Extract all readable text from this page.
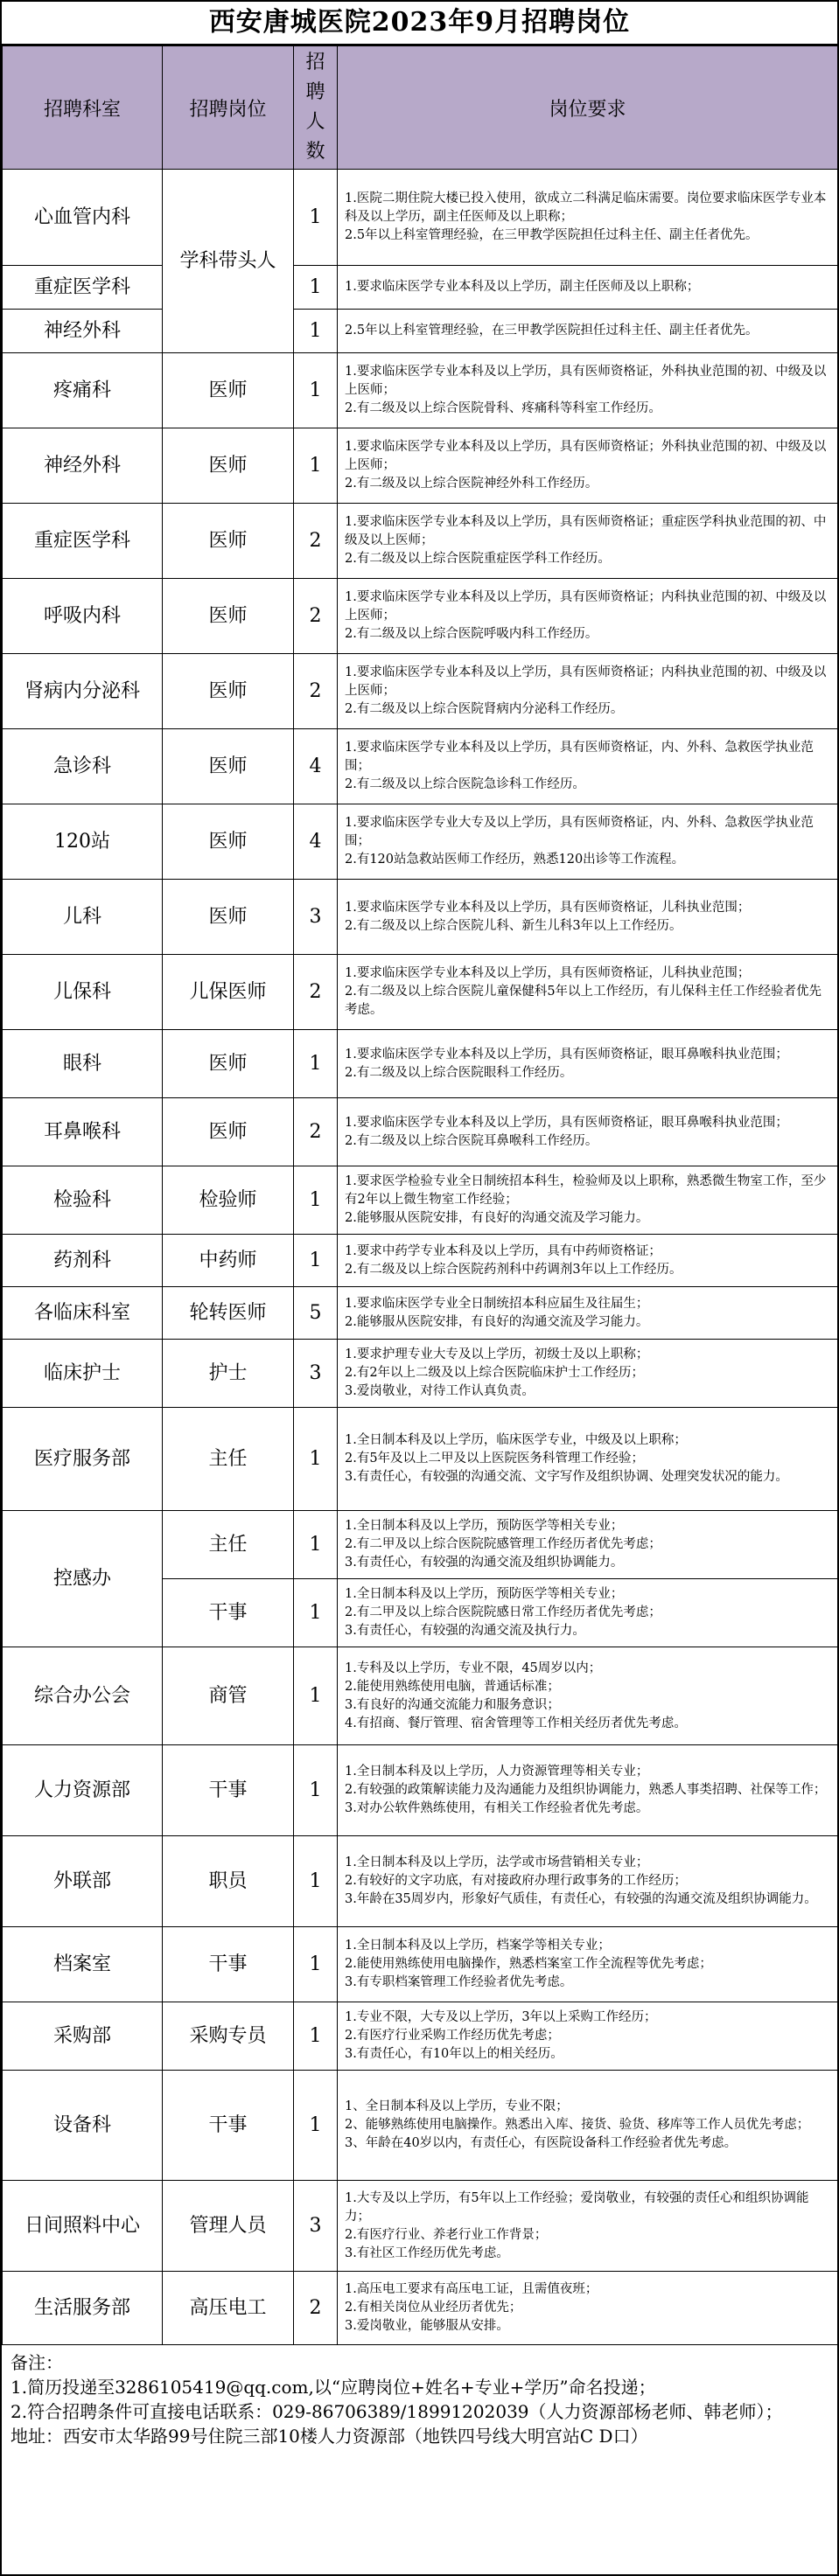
西安唐城医院2023年9月招聘岗位
招聘科室	招聘岗位	招聘人数	岗位要求
心血管内科	学科带头人	1	1.医院二期住院大楼已投入使用，欲成立二科满足临床需要。岗位要求临床医学专业本科及以上学历，副主任医师及以上职称；
2.5年以上科室管理经验，在三甲教学医院担任过科主任、副主任者优先。

重症医学科		1	1.要求临床医学专业本科及以上学历，副主任医师及以上职称；

神经外科		1	2.5年以上科室管理经验，在三甲教学医院担任过科主任、副主任者优先。

疼痛科	医师	1	1.要求临床医学专业本科及以上学历，具有医师资格证，外科执业范围的初、中级及以上医师；
2.有二级及以上综合医院骨科、疼痛科等科室工作经历。

神经外科	医师	1	1.要求临床医学专业本科及以上学历，具有医师资格证；外科执业范围的初、中级及以上医师；
2.有二级及以上综合医院神经外科工作经历。

重症医学科	医师	2	1.要求临床医学专业本科及以上学历，具有医师资格证；重症医学科执业范围的初、中级及以上医师；
2.有二级及以上综合医院重症医学科工作经历。

呼吸内科	医师	2	1.要求临床医学专业本科及以上学历，具有医师资格证；内科执业范围的初、中级及以上医师；
2.有二级及以上综合医院呼吸内科工作经历。

肾病内分泌科	医师	2	1.要求临床医学专业本科及以上学历，具有医师资格证；内科执业范围的初、中级及以上医师；
2.有二级及以上综合医院肾病内分泌科工作经历。

急诊科	医师	4	1.要求临床医学专业本科及以上学历，具有医师资格证，内、外科、急救医学执业范围；
2.有二级及以上综合医院急诊科工作经历。

120站	医师	4	1.要求临床医学专业大专及以上学历，具有医师资格证，内、外科、急救医学执业范围；
2.有120站急救站医师工作经历，熟悉120出诊等工作流程。

儿科	医师	3	1.要求临床医学专业本科及以上学历，具有医师资格证，儿科执业范围；
2.有二级及以上综合医院儿科、新生儿科3年以上工作经历。

儿保科	儿保医师	2	1.要求临床医学专业本科及以上学历，具有医师资格证，儿科执业范围；
2.有二级及以上综合医院儿童保健科5年以上工作经历，有儿保科主任工作经验者优先考虑。

眼科	医师	1	1.要求临床医学专业本科及以上学历，具有医师资格证，眼耳鼻喉科执业范围；
2.有二级及以上综合医院眼科工作经历。

耳鼻喉科	医师	2	1.要求临床医学专业本科及以上学历，具有医师资格证，眼耳鼻喉科执业范围；
2.有二级及以上综合医院耳鼻喉科工作经历。

检验科	检验师	1	1.要求医学检验专业全日制统招本科生，检验师及以上职称，熟悉微生物室工作，至少有2年以上微生物室工作经验；
2.能够服从医院安排，有良好的沟通交流及学习能力。

药剂科	中药师	1	1.要求中药学专业本科及以上学历，具有中药师资格证；
2.有二级及以上综合医院药剂科中药调剂3年以上工作经历。

各临床科室	轮转医师	5	1.要求临床医学专业全日制统招本科应届生及往届生；
2.能够服从医院安排，有良好的沟通交流及学习能力。

临床护士	护士	3	1.要求护理专业大专及以上学历，初级士及以上职称；
2.有2年以上二级及以上综合医院临床护士工作经历；
3.爱岗敬业，对待工作认真负责。

医疗服务部	主任	1	1.全日制本科及以上学历，临床医学专业，中级及以上职称；
2.有5年及以上二甲及以上医院医务科管理工作经验；
3.有责任心，有较强的沟通交流、文字写作及组织协调、处理突发状况的能力。

控感办	主任	1	1.全日制本科及以上学历，预防医学等相关专业；
2.有二甲及以上综合医院院感管理工作经历者优先考虑；
3.有责任心，有较强的沟通交流及组织协调能力。

	干事	1	1.全日制本科及以上学历，预防医学等相关专业；
2.有二甲及以上综合医院院感日常工作经历者优先考虑；
3.有责任心，有较强的沟通交流及执行力。

综合办公会	商管	1	1.专科及以上学历，专业不限，45周岁以内；
2.能使用熟练使用电脑，普通话标准；
3.有良好的沟通交流能力和服务意识；
4.有招商、餐厅管理、宿舍管理等工作相关经历者优先考虑。

人力资源部	干事	1	1.全日制本科及以上学历，人力资源管理等相关专业；
2.有较强的政策解读能力及沟通能力及组织协调能力，熟悉人事类招聘、社保等工作；
3.对办公软件熟练使用，有相关工作经验者优先考虑。

外联部	职员	1	1.全日制本科及以上学历，法学或市场营销相关专业；
2.有较好的文字功底，有对接政府办理行政事务的工作经历；
3.年龄在35周岁内，形象好气质佳，有责任心，有较强的沟通交流及组织协调能力。

档案室	干事	1	1.全日制本科及以上学历，档案学等相关专业；
2.能使用熟练使用电脑操作，熟悉档案室工作全流程等优先考虑；
3.有专职档案管理工作经验者优先考虑。

采购部	采购专员	1	1.专业不限，大专及以上学历，3年以上采购工作经历；
2.有医疗行业采购工作经历优先考虑；
3.有责任心，有10年以上的相关经历。

设备科	干事	1	1、全日制本科及以上学历，专业不限；
2、能够熟练使用电脑操作。熟悉出入库、接货、验货、移库等工作人员优先考虑；
3、年龄在40岁以内，有责任心，有医院设备科工作经验者优先考虑。

日间照料中心	管理人员	3	1.大专及以上学历，有5年以上工作经验；爱岗敬业，有较强的责任心和组织协调能力；
2.有医疗行业、养老行业工作背景；
3.有社区工作经历优先考虑。

生活服务部	高压电工	2	1.高压电工要求有高压电工证，且需值夜班；
2.有相关岗位从业经历者优先；
3.爱岗敬业，能够服从安排。
备注：
1.简历投递至3286105419@qq.com,以“应聘岗位+姓名+专业+学历”命名投递；
2.符合招聘条件可直接电话联系：029-86706389/18991202039（人力资源部杨老师、韩老师）；
地址：西安市太华路99号住院三部10楼人力资源部（地铁四号线大明宫站C D口）
